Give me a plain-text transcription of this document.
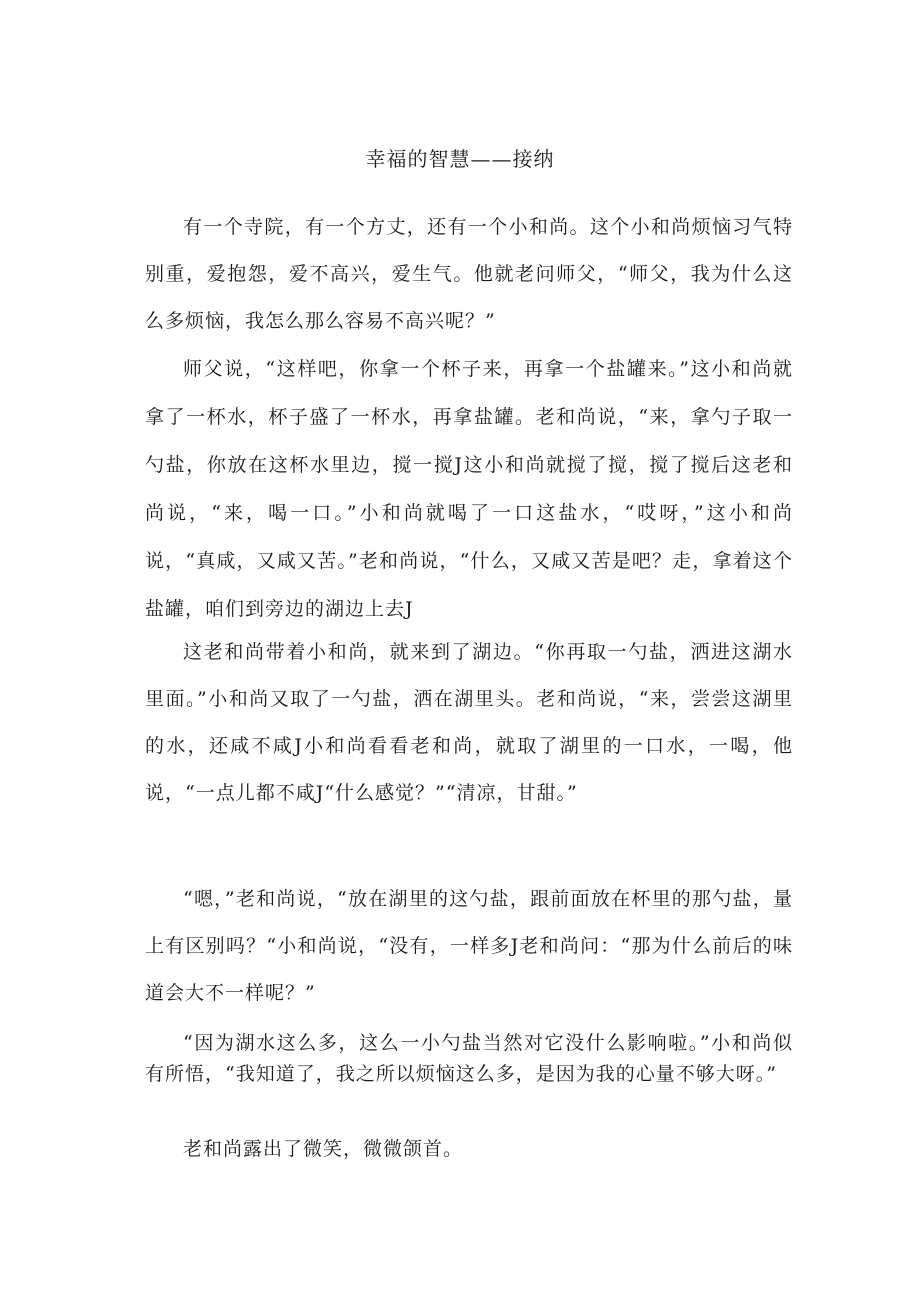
幸福的智慧——接纳

有一个寺院，有一个方丈，还有一个小和尚。这个小和尚烦恼习气特别重，爱抱怨，爱不高兴，爱生气。他就老问师父，“师父，我为什么这么多烦恼，我怎么那么容易不高兴呢？”

师父说，“这样吧，你拿一个杯子来，再拿一个盐罐来。”这小和尚就拿了一杯水，杯子盛了一杯水，再拿盐罐。老和尚说，“来，拿勺子取一勺盐，你放在这杯水里边，搅一搅J这小和尚就搅了搅，搅了搅后这老和尚说，“来，喝一口。”小和尚就喝了一口这盐水，“哎呀，”这小和尚说，“真咸，又咸又苦。”老和尚说，“什么，又咸又苦是吧？走，拿着这个盐罐，咱们到旁边的湖边上去J

这老和尚带着小和尚，就来到了湖边。“你再取一勺盐，洒进这湖水里面。”小和尚又取了一勺盐，洒在湖里头。老和尚说，“来，尝尝这湖里的水，还咸不咸J小和尚看看老和尚，就取了湖里的一口水，一喝，他说，“一点儿都不咸J“什么感觉？”“清凉，甘甜。”

“嗯，”老和尚说，“放在湖里的这勺盐，跟前面放在杯里的那勺盐，量上有区别吗？“小和尚说，“没有，一样多J老和尚问：“那为什么前后的味道会大不一样呢？”

“因为湖水这么多，这么一小勺盐当然对它没什么影响啦。”小和尚似有所悟，“我知道了，我之所以烦恼这么多，是因为我的心量不够大呀。”

老和尚露出了微笑，微微颌首。
